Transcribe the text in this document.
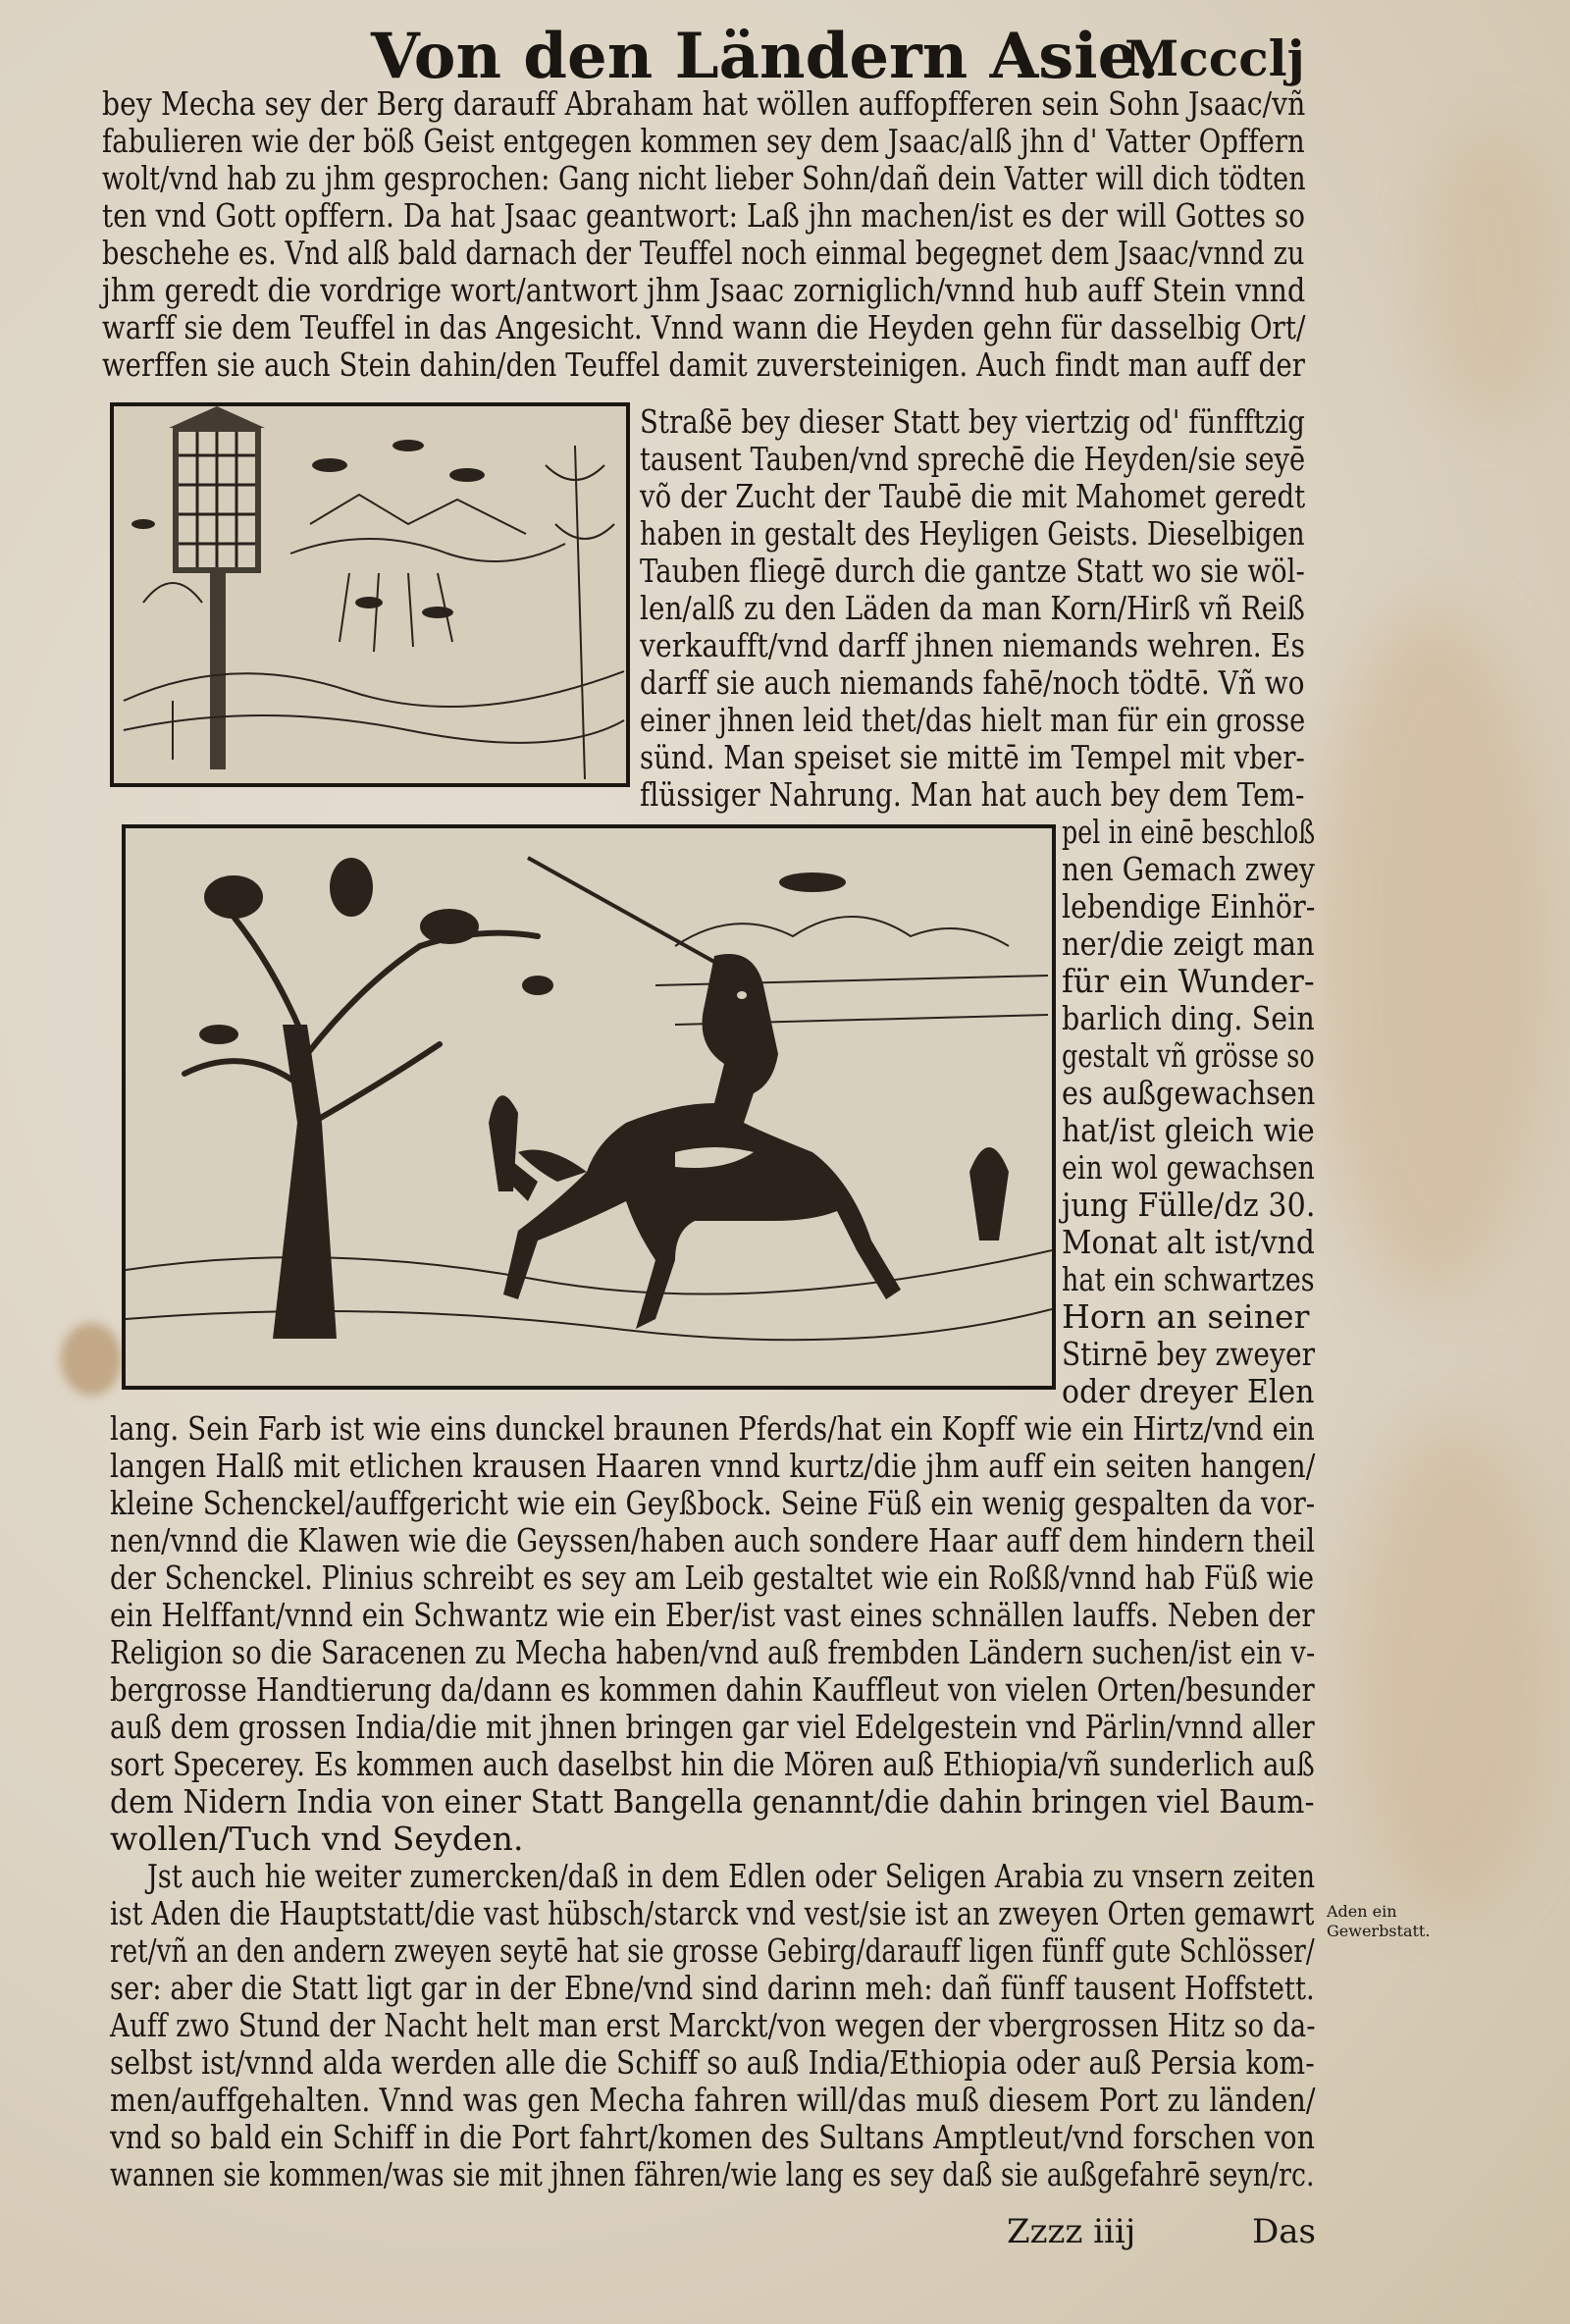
Von den Ländern Asie.
Mccclj
bey Mecha sey der Berg darauff Abraham hat wöllen auffopfferen sein Sohn Jsaac/vñ
fabulieren wie der böß Geist entgegen kommen sey dem Jsaac/alß jhn d' Vatter Opffern
wolt/vnd hab zu jhm gesprochen: Gang nicht lieber Sohn/dañ dein Vatter will dich tödten
ten vnd Gott opffern. Da hat Jsaac geantwort: Laß jhn machen/ist es der will Gottes so
beschehe es. Vnd alß bald darnach der Teuffel noch einmal begegnet dem Jsaac/vnnd zu
jhm geredt die vordrige wort/antwort jhm Jsaac zorniglich/vnnd hub auff Stein vnnd
warff sie dem Teuffel in das Angesicht. Vnnd wann die Heyden gehn für dasselbig Ort/
werffen sie auch Stein dahin/den Teuffel damit zuversteinigen. Auch findt man auff der
Straßē bey dieser Statt bey viertzig od' fünfftzig
tausent Tauben/vnd sprechē die Heyden/sie seyē
võ der Zucht der Taubē die mit Mahomet geredt
haben in gestalt des Heyligen Geists. Dieselbigen
Tauben fliegē durch die gantze Statt wo sie wöl-
len/alß zu den Läden da man Korn/Hirß vñ Reiß
verkaufft/vnd darff jhnen niemands wehren. Es
darff sie auch niemands fahē/noch tödtē. Vñ wo
einer jhnen leid thet/das hielt man für ein grosse
sünd. Man speiset sie mittē im Tempel mit vber-
flüssiger Nahrung. Man hat auch bey dem Tem-
pel in einē beschloß
nen Gemach zwey
lebendige Einhör-
ner/die zeigt man
für ein Wunder-
barlich ding. Sein
gestalt vñ grösse so
es außgewachsen
hat/ist gleich wie
ein wol gewachsen
jung Fülle/dz 30.
Monat alt ist/vnd
hat ein schwartzes
Horn an seiner
Stirnē bey zweyer
oder dreyer Elen
lang. Sein Farb ist wie eins dunckel braunen Pferds/hat ein Kopff wie ein Hirtz/vnd ein
langen Halß mit etlichen krausen Haaren vnnd kurtz/die jhm auff ein seiten hangen/
kleine Schenckel/auffgericht wie ein Geyßbock. Seine Füß ein wenig gespalten da vor-
nen/vnnd die Klawen wie die Geyssen/haben auch sondere Haar auff dem hindern theil
der Schenckel. Plinius schreibt es sey am Leib gestaltet wie ein Roßß/vnnd hab Füß wie
ein Helffant/vnnd ein Schwantz wie ein Eber/ist vast eines schnällen lauffs. Neben der
Religion so die Saracenen zu Mecha haben/vnd auß frembden Ländern suchen/ist ein v-
bergrosse Handtierung da/dann es kommen dahin Kauffleut von vielen Orten/besunder
auß dem grossen India/die mit jhnen bringen gar viel Edelgestein vnd Pärlin/vnnd aller
sort Specerey. Es kommen auch daselbst hin die Mören auß Ethiopia/vñ sunderlich auß
dem Nidern India von einer Statt Bangella genannt/die dahin bringen viel Baum-
wollen/Tuch vnd Seyden.
Jst auch hie weiter zumercken/daß in dem Edlen oder Seligen Arabia zu vnsern zeiten
ist Aden die Hauptstatt/die vast hübsch/starck vnd vest/sie ist an zweyen Orten gemawrt
ret/vñ an den andern zweyen seytē hat sie grosse Gebirg/darauff ligen fünff gute Schlösser/
ser: aber die Statt ligt gar in der Ebne/vnd sind darinn meh: dañ fünff tausent Hoffstett.
Auff zwo Stund der Nacht helt man erst Marckt/von wegen der vbergrossen Hitz so da-
selbst ist/vnnd alda werden alle die Schiff so auß India/Ethiopia oder auß Persia kom-
men/auffgehalten. Vnnd was gen Mecha fahren will/das muß diesem Port zu länden/
vnd so bald ein Schiff in die Port fahrt/komen des Sultans Amptleut/vnd forschen von
wannen sie kommen/was sie mit jhnen fähren/wie lang es sey daß sie außgefahrē seyn/rc.
Aden ein
Gewerbstatt.
Zzzz iiij	Das
